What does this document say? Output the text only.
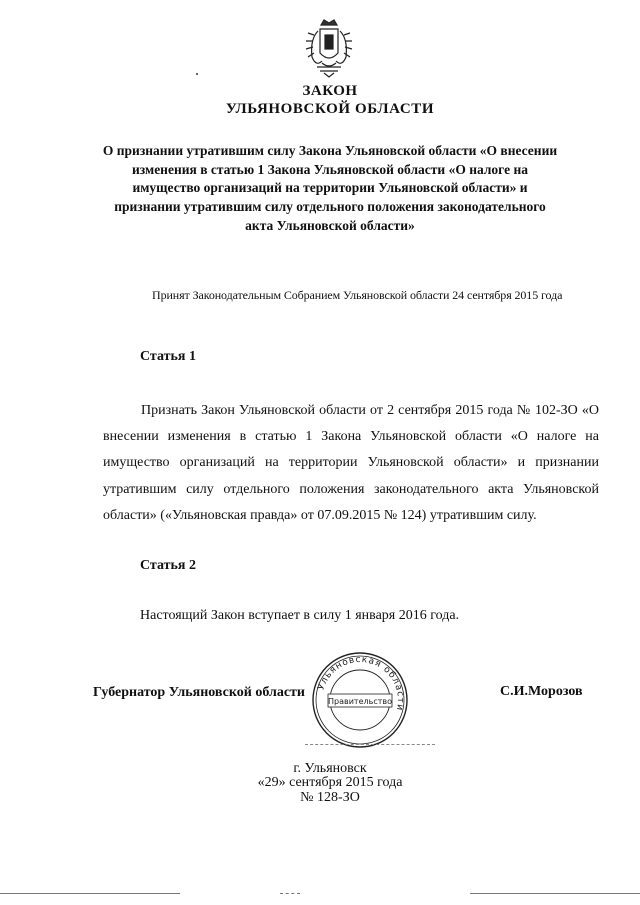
ЗАКОН
УЛЬЯНОВСКОЙ ОБЛАСТИ
О признании утратившим силу Закона Ульяновской области «О внесении изменения в статью 1 Закона Ульяновской области «О налоге на имущество организаций на территории Ульяновской области» и признании утратившим силу отдельного положения законодательного акта Ульяновской области»
Принят Законодательным Собранием Ульяновской области 24 сентября 2015 года
Статья 1
Признать Закон Ульяновской области от 2 сентября 2015 года № 102-ЗО «О внесении изменения в статью 1 Закона Ульяновской области «О налоге на имущество организаций на территории Ульяновской области» и признании утратившим силу отдельного положения законодательного акта Ульяновской области» («Ульяновская правда» от 07.09.2015 № 124) утратившим силу.
Статья 2
Настоящий Закон вступает в силу 1 января 2016 года.
Губернатор Ульяновской области	С.И.Морозов
Ульяновская области
Правительство
г. Ульяновск
«29» сентября 2015 года
№ 128-ЗО
